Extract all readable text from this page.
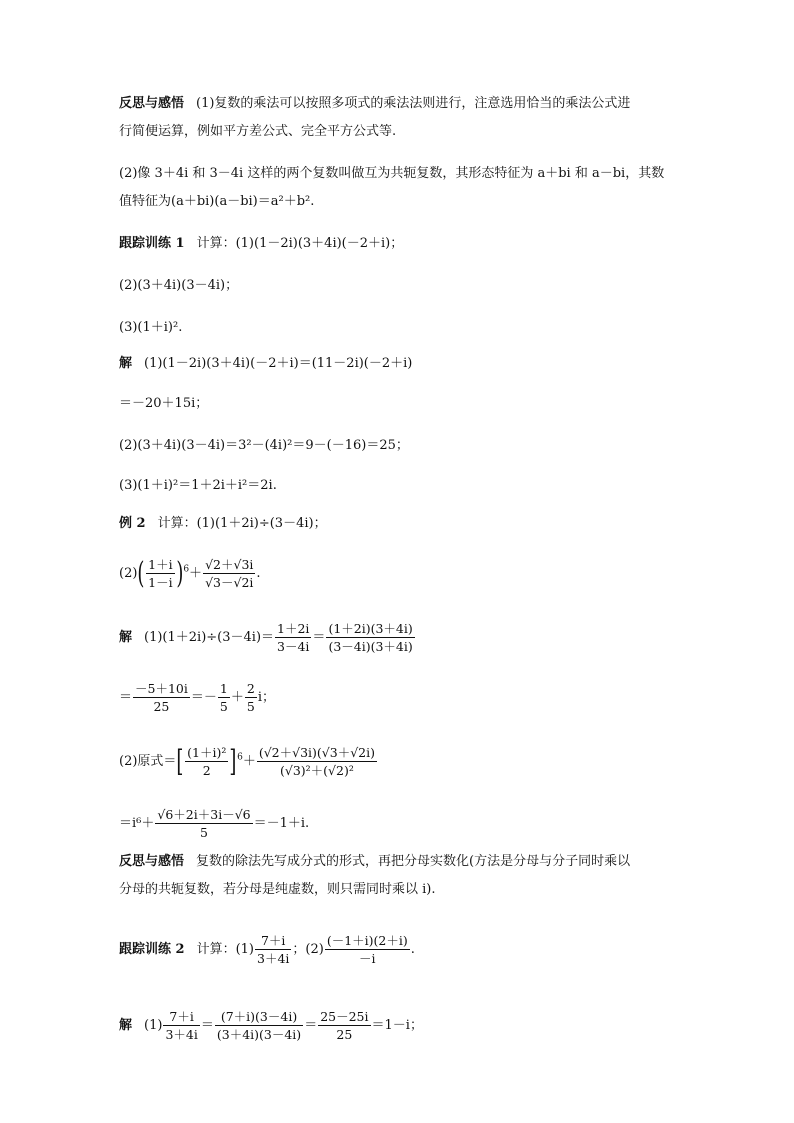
反思与感悟 (1)复数的乘法可以按照多项式的乘法法则进行，注意选用恰当的乘法公式进
行简便运算，例如平方差公式、完全平方公式等.
(2)像 3＋4i 和 3－4i 这样的两个复数叫做互为共轭复数，其形态特征为 a＋bi 和 a－bi，其数
值特征为(a＋bi)(a－bi)＝a²＋b².
跟踪训练 1 计算：(1)(1－2i)(3＋4i)(－2＋i)；
(2)(3＋4i)(3－4i)；
(3)(1＋i)².
解 (1)(1－2i)(3＋4i)(－2＋i)＝(11－2i)(－2＋i)
＝－20＋15i；
(2)(3＋4i)(3－4i)＝3²－(4i)²＝9－(－16)＝25；
(3)(1＋i)²＝1＋2i＋i²＝2i.
例 2 计算：(1)(1＋2i)÷(3－4i)；
$(2)( \frac{1+i}{1-i} )^6+ \frac{√2+√3i}{√3-√2i}$ .
解 $(1)(1+2i)\div(3-4i)= \frac{1+2i}{3-4i} = \frac{(1+2i)(3+4i)}{(3-4i)(3+4i)}$
＝ $\frac{-5+10i}{25} =- \frac{1}{5} + \frac{2}{5}$ i；
(2)原式＝[ $\frac{\text{(1＋i)²}}{2} ]^6+ \frac{(√2+√3i)(√3+√2i)}{\text{(√3)²＋(√2)²}}$
$=i^6+ \frac{√6+2i+3i-√6}{5} =-1+i$.
反思与感悟 复数的除法先写成分式的形式，再把分母实数化(方法是分母与分子同时乘以
分母的共轭复数，若分母是纯虚数，则只需同时乘以 i).
跟踪训练 2 计算：$(1) \frac{7+i}{3+4i}$ ；$(2) \frac{(-1+i)(2+i)}{-i}$ .
解 $(1) \frac{7+i}{3+4i} = \frac{(7+i)(3-4i)}{(3+4i)(3-4i)} = \frac{25-25i}{25} =1-i$；
